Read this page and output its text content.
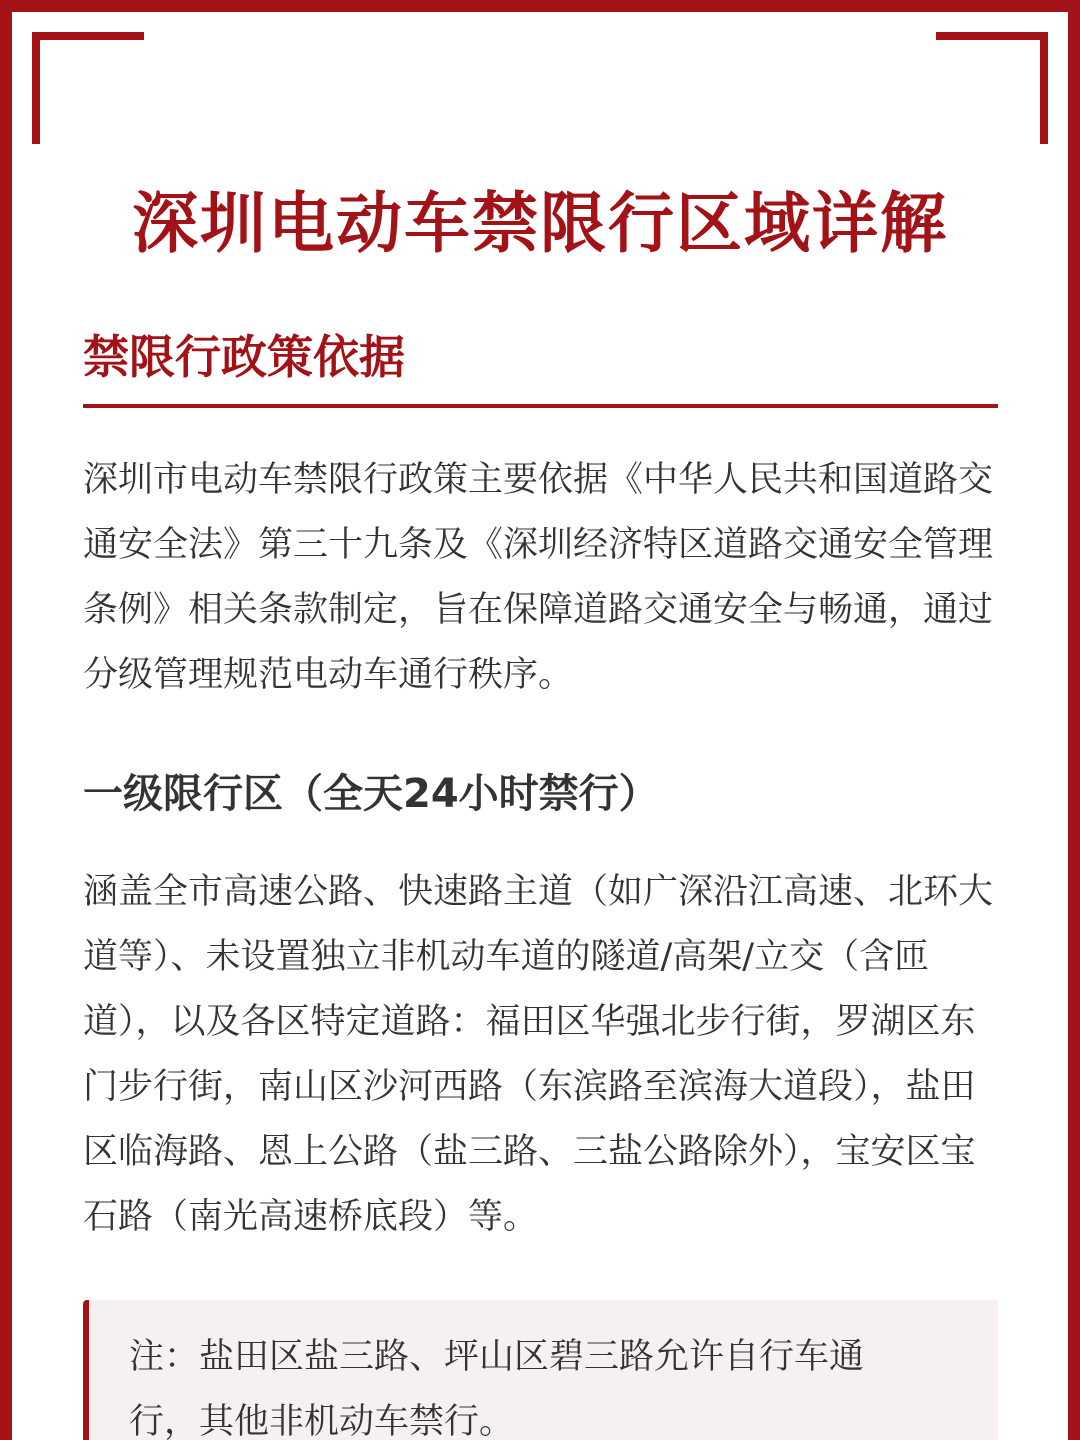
深圳电动车禁限行区域详解
禁限行政策依据

深圳市电动车禁限行政策主要依据《中华人民共和国道路交通安全法》第三十九条及《深圳经济特区道路交通安全管理条例》相关条款制定，旨在保障道路交通安全与畅通，通过分级管理规范电动车通行秩序。

一级限行区（全天24小时禁行）

涵盖全市高速公路、快速路主道（如广深沿江高速、北环大道等）、未设置独立非机动车道的隧道/高架/立交（含匝道），以及各区特定道路：福田区华强北步行街，罗湖区东门步行街，南山区沙河西路（东滨路至滨海大道段），盐田区临海路、恩上公路（盐三路、三盐公路除外），宝安区宝石路（南光高速桥底段）等。

注：盐田区盐三路、坪山区碧三路允许自行车通行，其他非机动车禁行。
